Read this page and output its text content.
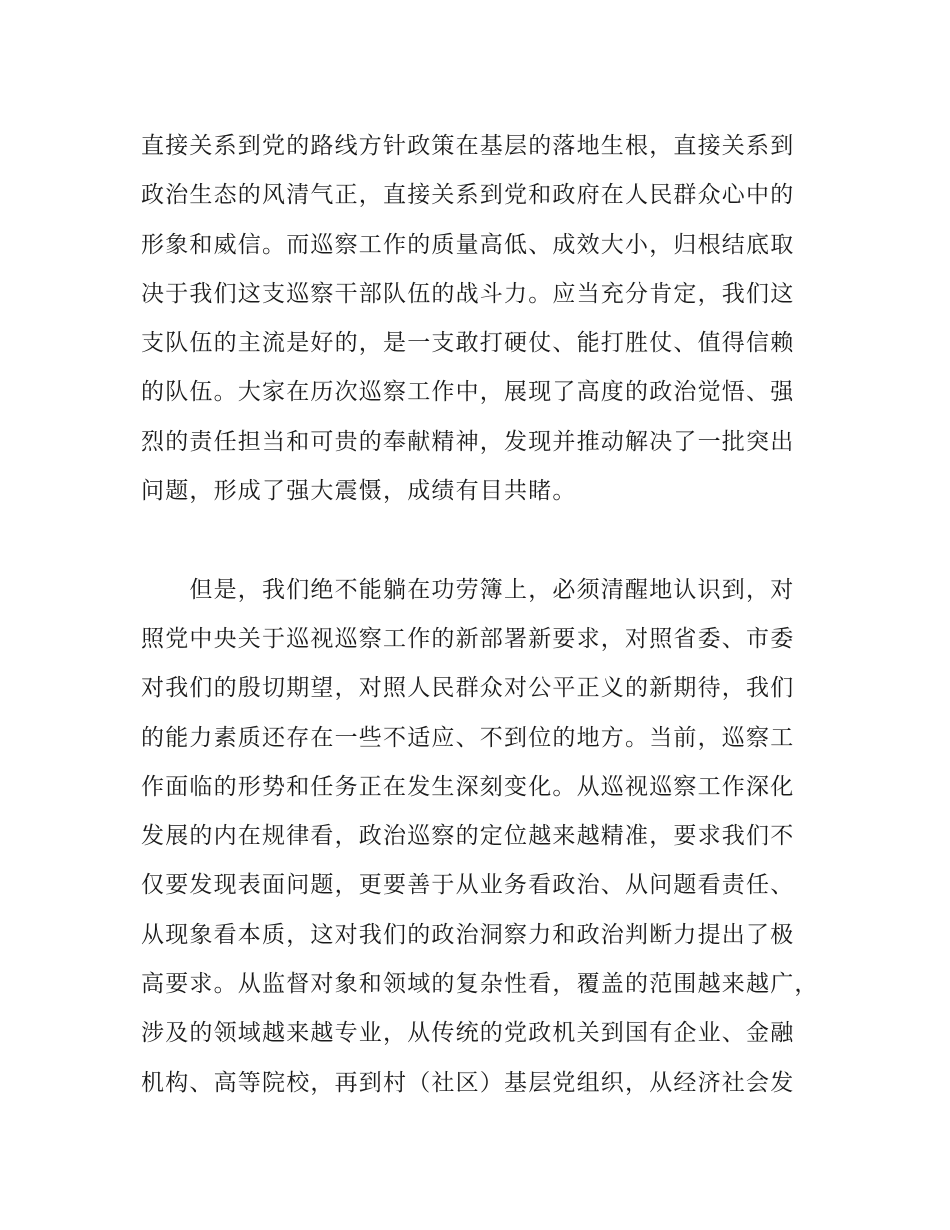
直接关系到党的路线方针政策在基层的落地生根，直接关系到
政治生态的风清气正，直接关系到党和政府在人民群众心中的
形象和威信。而巡察工作的质量高低、成效大小，归根结底取
决于我们这支巡察干部队伍的战斗力。应当充分肯定，我们这
支队伍的主流是好的，是一支敢打硬仗、能打胜仗、值得信赖
的队伍。大家在历次巡察工作中，展现了高度的政治觉悟、强
烈的责任担当和可贵的奉献精神，发现并推动解决了一批突出
问题，形成了强大震慑，成绩有目共睹。
　　但是，我们绝不能躺在功劳簿上，必须清醒地认识到，对
照党中央关于巡视巡察工作的新部署新要求，对照省委、市委
对我们的殷切期望，对照人民群众对公平正义的新期待，我们
的能力素质还存在一些不适应、不到位的地方。当前，巡察工
作面临的形势和任务正在发生深刻变化。从巡视巡察工作深化
发展的内在规律看，政治巡察的定位越来越精准，要求我们不
仅要发现表面问题，更要善于从业务看政治、从问题看责任、
从现象看本质，这对我们的政治洞察力和政治判断力提出了极
高要求。从监督对象和领域的复杂性看，覆盖的范围越来越广，
涉及的领域越来越专业，从传统的党政机关到国有企业、金融
机构、高等院校，再到村（社区）基层党组织，从经济社会发
